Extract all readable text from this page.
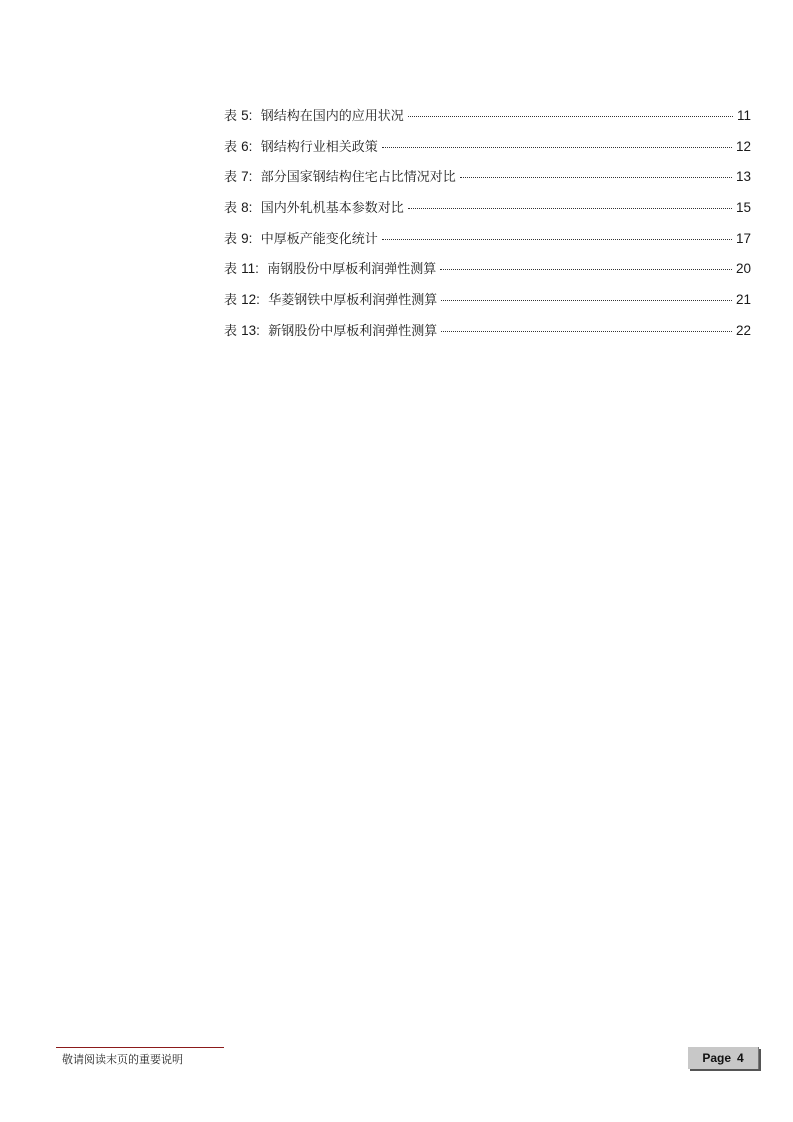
表 5: 钢结构在国内的应用状况	11
表 6: 钢结构行业相关政策	12
表 7: 部分国家钢结构住宅占比情况对比	13
表 8: 国内外轧机基本参数对比	15
表 9: 中厚板产能变化统计	17
表 11: 南钢股份中厚板利润弹性测算	20
表 12: 华菱钢铁中厚板利润弹性测算	21
表 13: 新钢股份中厚板利润弹性测算	22
敬请阅读末页的重要说明	Page 4
